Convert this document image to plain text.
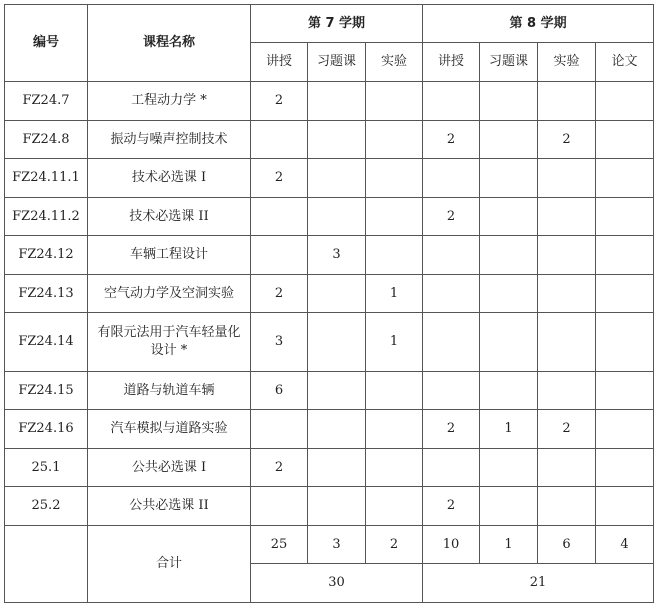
编号	课程名称	第 7 学期			第 8 学期			
		讲授	习题课	实验	讲授	习题课	实验	论文
FZ24.7	工程动力学 *	2						
FZ24.8	振动与噪声控制技术				2		2	
FZ24.11.1	技术必选课 I	2						
FZ24.11.2	技术必选课 II				2			
FZ24.12	车辆工程设计		3					
FZ24.13	空气动力学及空洞实验	2		1				
FZ24.14	有限元法用于汽车轻量化设计 *	3		1				
FZ24.15	道路与轨道车辆	6						
FZ24.16	汽车模拟与道路实验				2	1	2	
25.1	公共必选课 I	2						
25.2	公共必选课 II				2			
	合计	25	3	2	10	1	6	4
		30			21			
